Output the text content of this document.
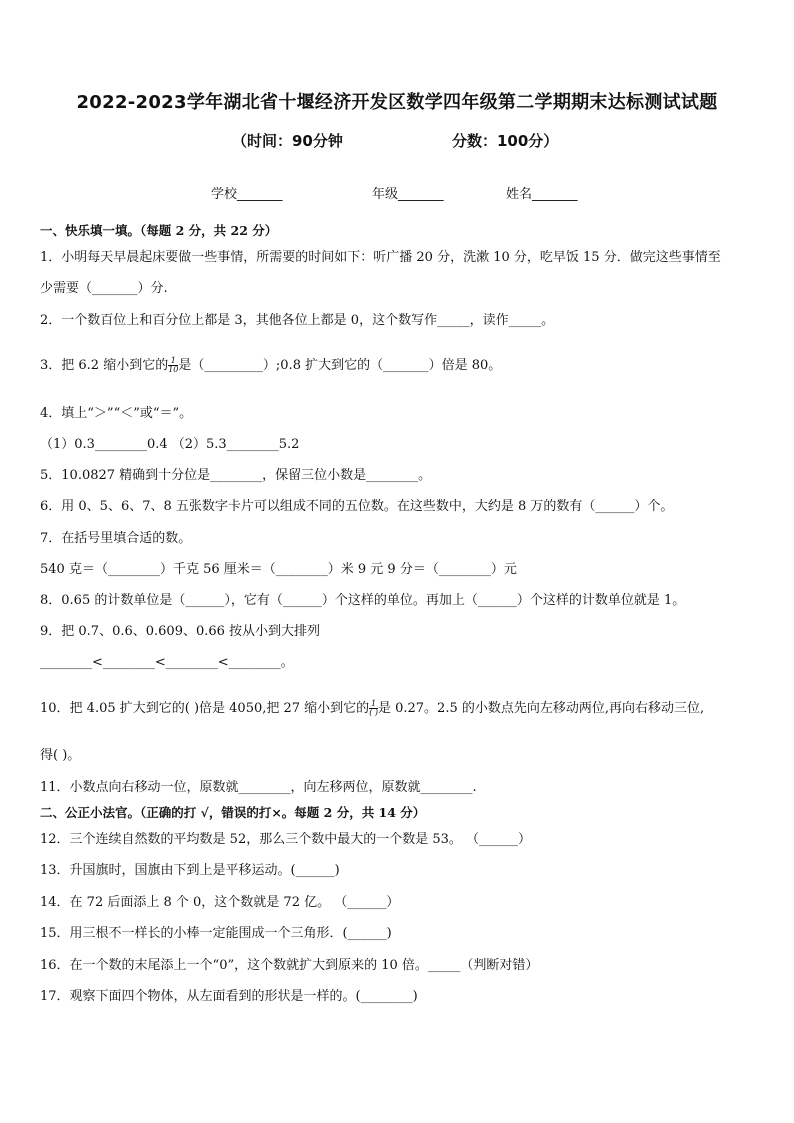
2022-2023学年湖北省十堰经济开发区数学四年级第二学期期末达标测试试题
（时间：90分钟	分数：100分）
学校_______	年级_______	姓名_______
一、快乐填一填。（每题 2 分，共 22 分）
1．小明每天早晨起床要做一些事情，所需要的时间如下：听广播 20 分，洗漱 10 分，吃早饭 15 分．做完这些事情至
少需要（_______）分.
2．一个数百位上和百分位上都是 3，其他各位上都是 0，这个数写作_____，读作_____。
3．把 6.2 缩小到它的 $\frac{1}{10}$ 是（_________）;0.8 扩大到它的（_______）倍是 80。
4．填上“＞”“＜”或“＝”。
（1）0.3________0.4 （2）5.3________5.2
5．10.0827 精确到十分位是________，保留三位小数是________。
6．用 0、5、6、7、8 五张数字卡片可以组成不同的五位数。在这些数中，大约是 8 万的数有（______）个。
7．在括号里填合适的数。
540 克＝（________）千克 56 厘米＝（________）米 9 元 9 分＝（________）元
8．0.65 的计数单位是（______），它有（______）个这样的单位。再加上（______）个这样的计数单位就是 1。
9．把 0.7、0.6、0.609、0.66 按从小到大排列
________<________<________<________。
10．把 4.05 扩大到它的( )倍是 4050,把 27 缩小到它的 $\frac{1}{( )}$ 是 0.27。2.5 的小数点先向左移动两位,再向右移动三位,
得( )。
11．小数点向右移动一位，原数就________，向左移两位，原数就________.
二、公正小法官。（正确的打 √，错误的打×。每题 2 分，共 14 分）
12．三个连续自然数的平均数是 52，那么三个数中最大的一个数是 53。 （______）
13．升国旗时，国旗由下到上是平移运动。(______)
14．在 72 后面添上 8 个 0，这个数就是 72 亿。 （______）
15．用三根不一样长的小棒一定能围成一个三角形．(______)
16．在一个数的末尾添上一个“0”，这个数就扩大到原来的 10 倍。_____（判断对错）
17．观察下面四个物体，从左面看到的形状是一样的。(________)
